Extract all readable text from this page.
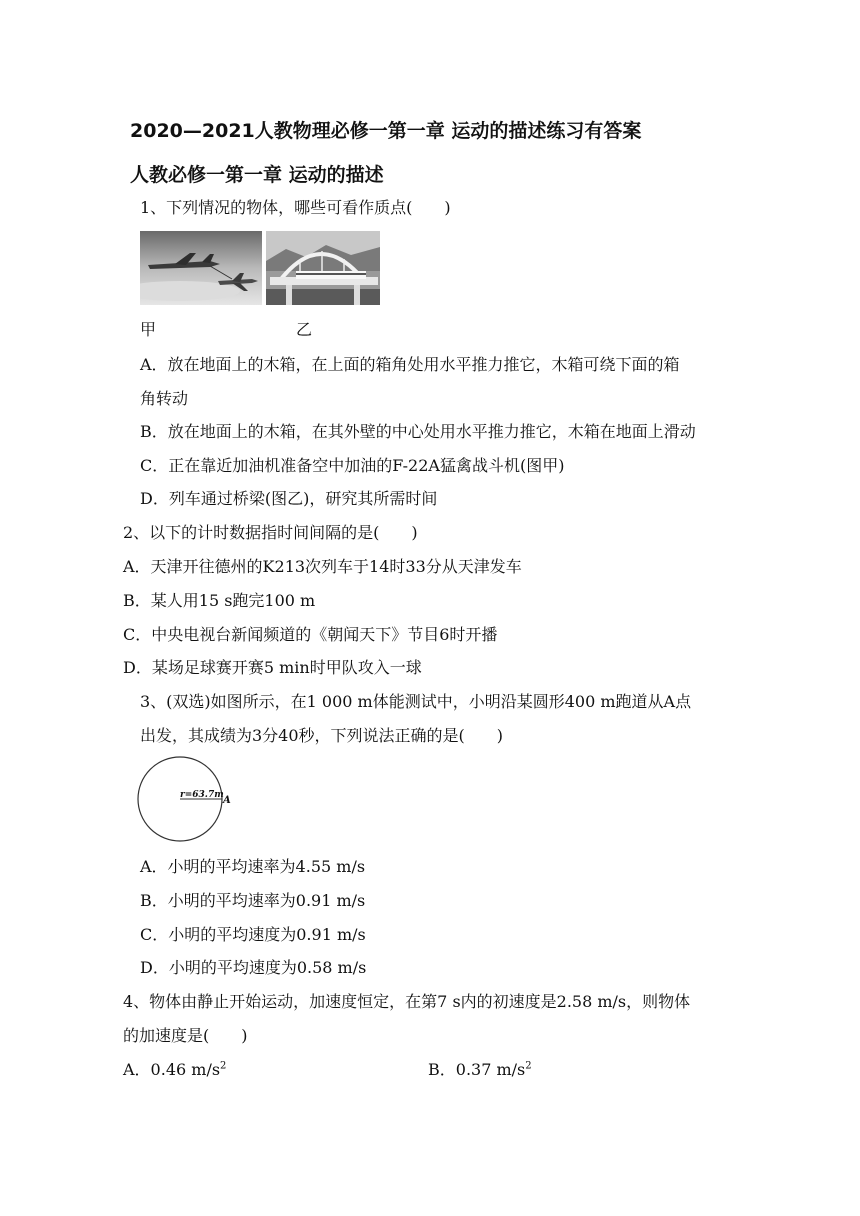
2020—2021人教物理必修一第一章 运动的描述练习有答案
人教必修一第一章 运动的描述
1、下列情况的物体，哪些可看作质点(　　)
甲	乙
A．放在地面上的木箱，在上面的箱角处用水平推力推它，木箱可绕下面的箱
角转动
B．放在地面上的木箱，在其外壁的中心处用水平推力推它，木箱在地面上滑动
C．正在靠近加油机准备空中加油的F-22A猛禽战斗机(图甲)
D．列车通过桥梁(图乙)，研究其所需时间
2、以下的计时数据指时间间隔的是(　　)
A．天津开往德州的K213次列车于14时33分从天津发车
B．某人用15 s跑完100 m
C．中央电视台新闻频道的《朝闻天下》节目6时开播
D．某场足球赛开赛5 min时甲队攻入一球
3、(双选)如图所示，在1 000 m体能测试中，小明沿某圆形400 m跑道从A点
出发，其成绩为3分40秒，下列说法正确的是(　　)
r=63.7m A
A．小明的平均速率为4.55 m/s
B．小明的平均速率为0.91 m/s
C．小明的平均速度为0.91 m/s
D．小明的平均速度为0.58 m/s
4、物体由静止开始运动，加速度恒定，在第7 s内的初速度是2.58 m/s，则物体
的加速度是(　　)
A．0.46 $m/s^2$	B．0.37 $m/s^2$
